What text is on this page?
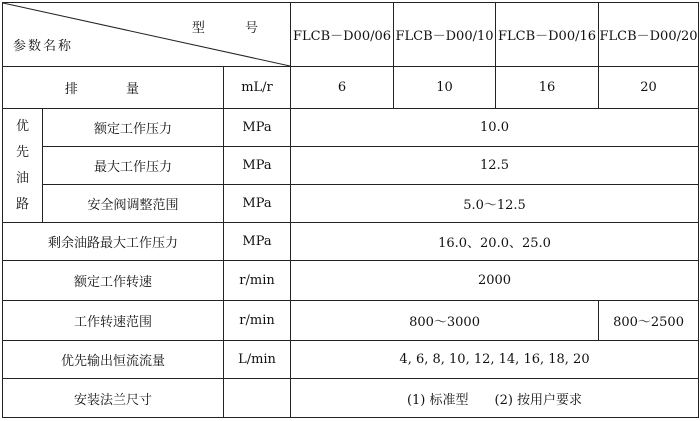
型 号
参数名称			FLCB－D00/06	FLCB－D00/10	FLCB－D00/16	FLCB－D00/20
排 量		mL/r	6	10	16	20

优
先
油
路	额定工作压力	MPa	10.0			
	最大工作压力	MPa	12.5			
	安全阀调整范围	MPa	5.0～12.5			
剩余油路最大工作压力		MPa	16.0、20.0、25.0			
额定工作转速		r/min	2000			
工作转速范围		r/min	800～3000			800～2500
优先输出恒流流量		L/min	4, 6, 8, 10, 12, 14, 16, 18, 20			
安装法兰尺寸			(1) 标准型　　(2) 按用户要求			
